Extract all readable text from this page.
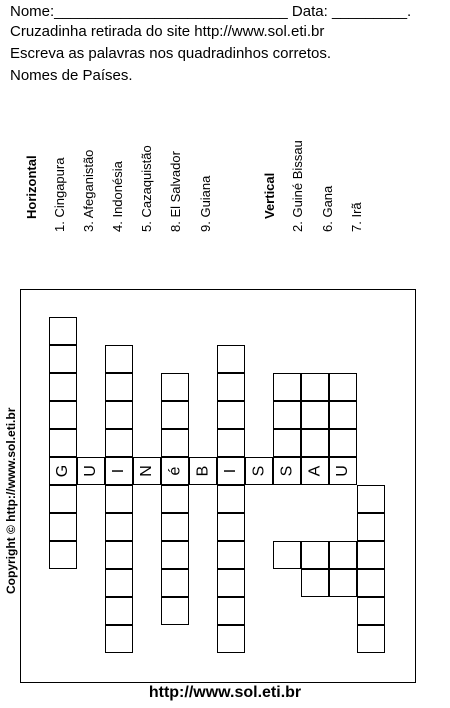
Nome:____________________________ Data: _________.
Cruzadinha retirada do site http://www.sol.eti.br
Escreva as palavras nos quadradinhos corretos.
Nomes de Países.
Horizontal 1. Cingapura 3. Afeganistão 4. Indonésia 5. Cazaquistão 8. El Salvador 9. Guiana	Vertical 2. Guiné Bissau 6. Gana 7. Irã
G	I	é	I
U	N	B	S S A U
Copyright © http://www.sol.eti.br
http://www.sol.eti.br
